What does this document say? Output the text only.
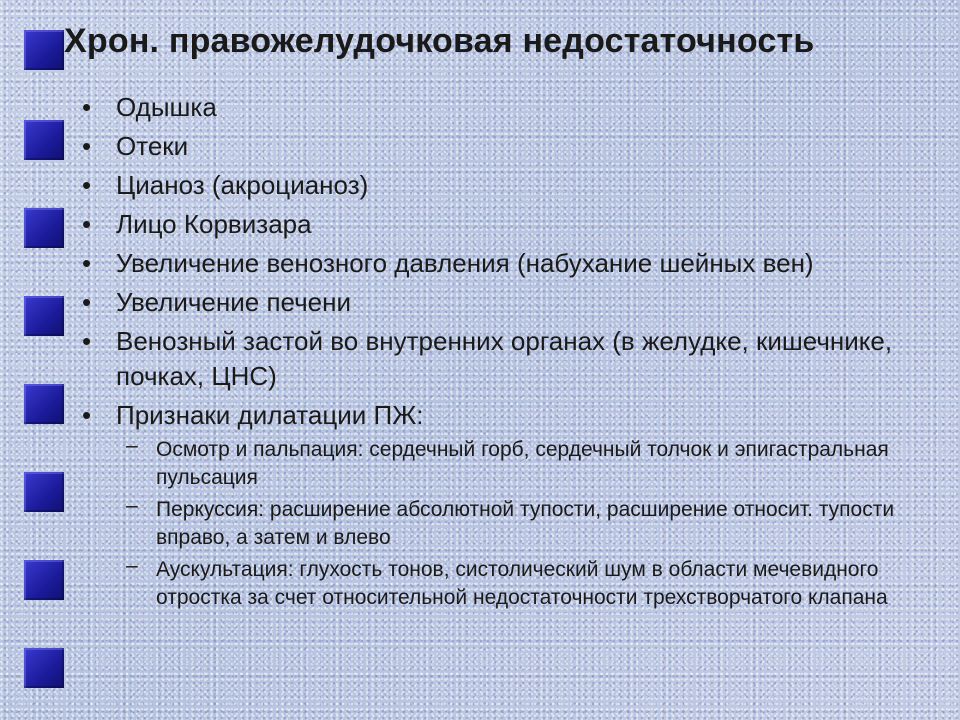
Хрон. правожелудочковая недостаточность
• Одышка
• Отеки
• Цианоз (акроцианоз)
• Лицо Корвизара
• Увеличение венозного давления (набухание шейных вен)
• Увеличение печени
• Венозный застой во внутренних органах (в желудке, кишечнике, почках, ЦНС)
• Признаки дилатации ПЖ:
– Осмотр и пальпация: сердечный горб, сердечный толчок и эпигастральная пульсация
– Перкуссия: расширение абсолютной тупости, расширение относит. тупости вправо, а затем и влево
– Аускультация: глухость тонов, систолический шум в области мечевидного отростка за счет относительной недостаточности трехстворчатого клапана
